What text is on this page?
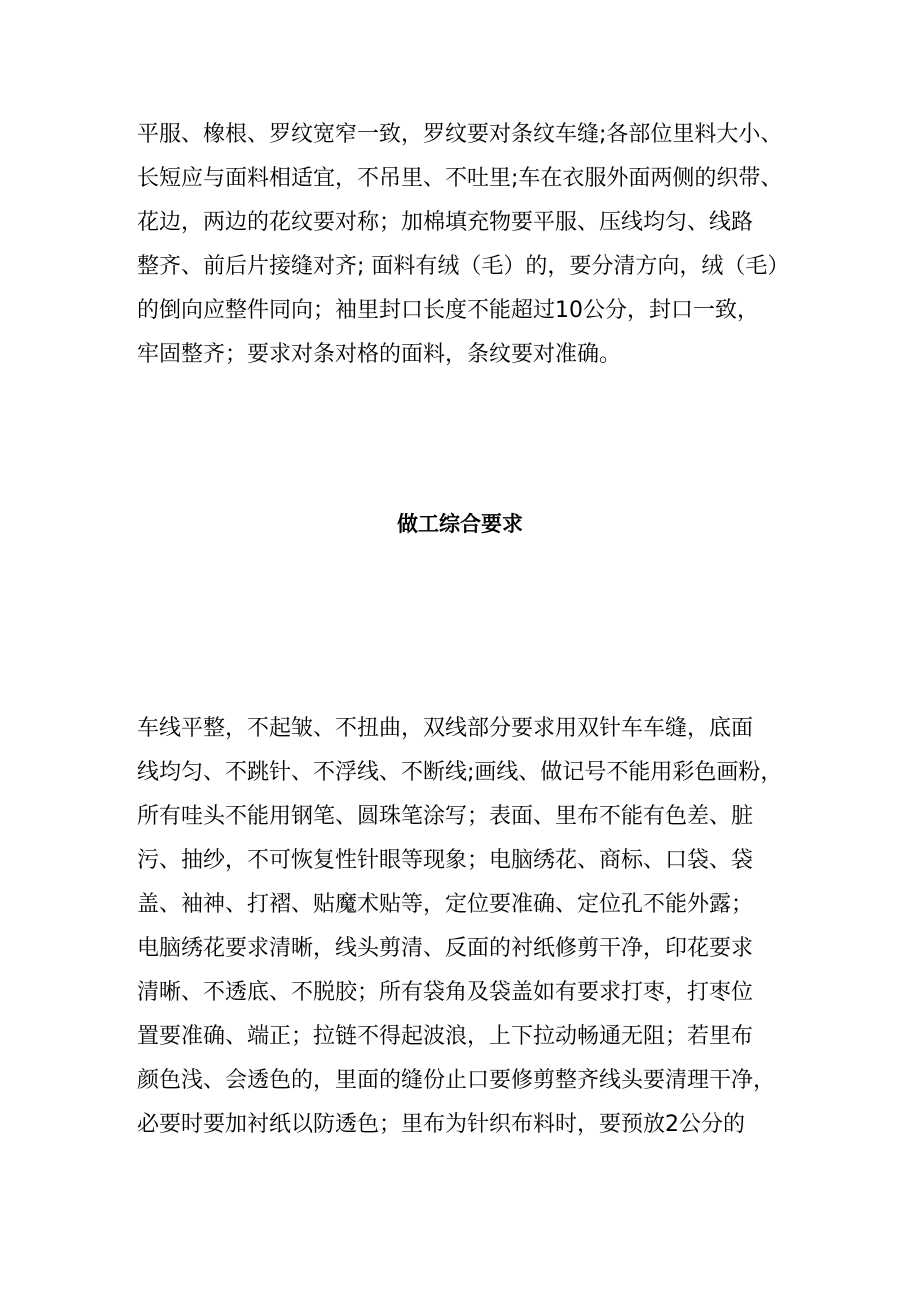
平服、橡根、罗纹宽窄一致，罗纹要对条纹车缝;各部位里料大小、
长短应与面料相适宜，不吊里、不吐里;车在衣服外面两侧的织带、
花边，两边的花纹要对称；加棉填充物要平服、压线均匀、线路
整齐、前后片接缝对齐; 面料有绒（毛）的，要分清方向，绒（毛）
的倒向应整件同向；袖里封口长度不能超过10公分，封口一致，
牢固整齐；要求对条对格的面料，条纹要对准确。
做工综合要求
车线平整，不起皱、不扭曲，双线部分要求用双针车车缝，底面
线均匀、不跳针、不浮线、不断线;画线、做记号不能用彩色画粉，
所有哇头不能用钢笔、圆珠笔涂写；表面、里布不能有色差、脏
污、抽纱，不可恢复性针眼等现象；电脑绣花、商标、口袋、袋
盖、袖神、打褶、贴魔术贴等，定位要准确、定位孔不能外露；
电脑绣花要求清晰，线头剪清、反面的衬纸修剪干净，印花要求
清晰、不透底、不脱胶；所有袋角及袋盖如有要求打枣，打枣位
置要准确、端正；拉链不得起波浪，上下拉动畅通无阻；若里布
颜色浅、会透色的，里面的缝份止口要修剪整齐线头要清理干净，
必要时要加衬纸以防透色；里布为针织布料时，要预放2公分的
